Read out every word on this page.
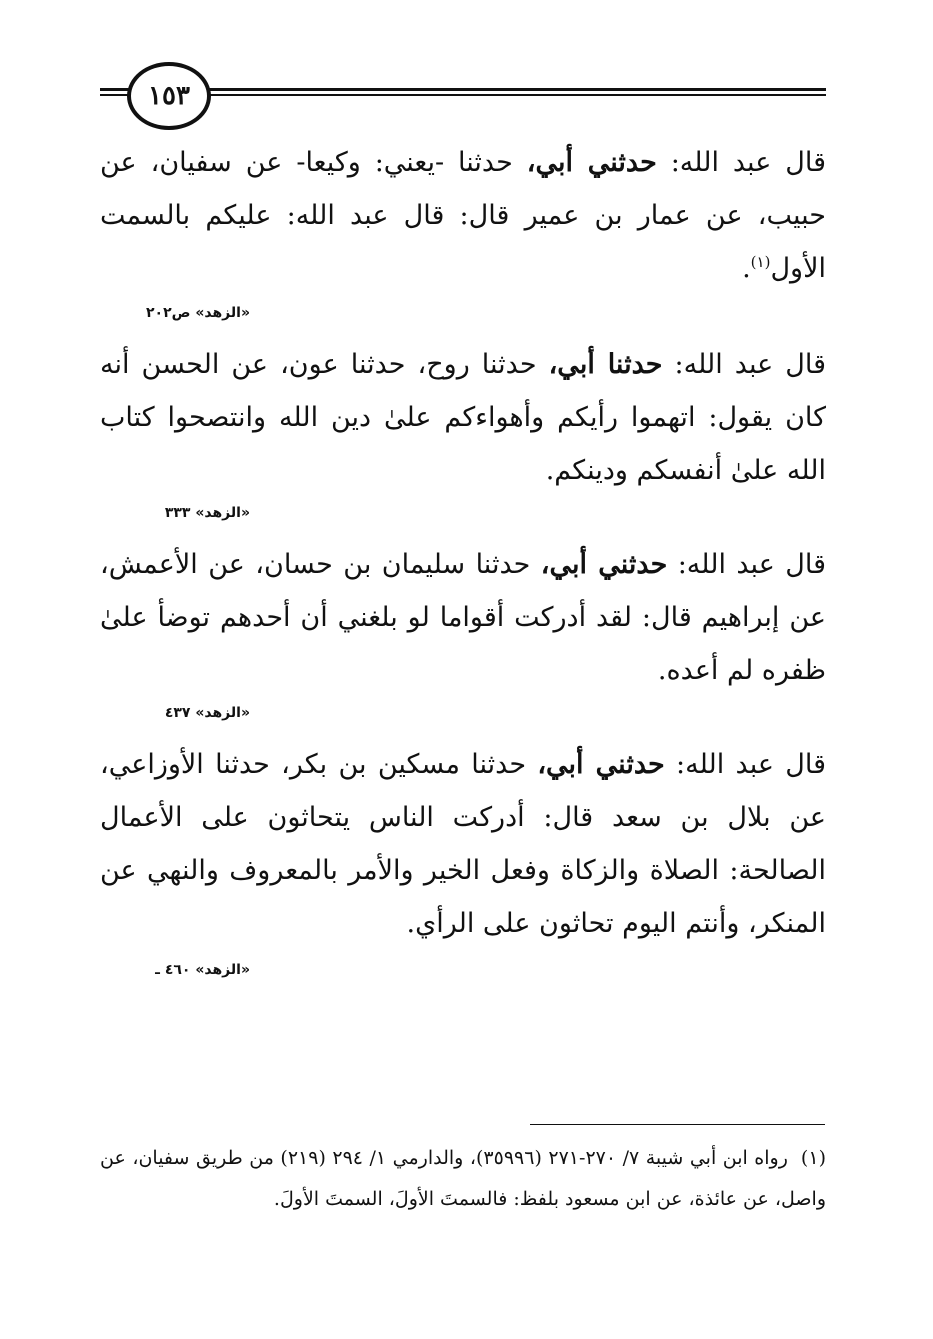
١٥٣
قال عبد الله: حدثني أبي، حدثنا -يعني: وكيعا- عن سفيان، عن حبيب، عن عمار بن عمير قال: قال عبد الله: عليكم بالسمت الأول$^{(١)}$.
«الزهد» ص٢٠٢
قال عبد الله: حدثنا أبي، حدثنا روح، حدثنا عون، عن الحسن أنه كان يقول: اتهموا رأيكم وأهواءكم علىٰ دين الله وانتصحوا كتاب الله علىٰ أنفسكم ودينكم.
«الزهد» ٣٣٣
قال عبد الله: حدثني أبي، حدثنا سليمان بن حسان، عن الأعمش، عن إبراهيم قال: لقد أدركت أقواما لو بلغني أن أحدهم توضأ علىٰ ظفره لم أعده.
«الزهد» ٤٣٧
قال عبد الله: حدثني أبي، حدثنا مسكين بن بكر، حدثنا الأوزاعي، عن بلال بن سعد قال: أدركت الناس يتحاثون على الأعمال الصالحة: الصلاة والزكاة وفعل الخير والأمر بالمعروف والنهي عن المنكر، وأنتم اليوم تحاثون على الرأي.
«الزهد» ٤٦٠ ـ
(١)  رواه ابن أبي شيبة ٧/ ٢٧٠-٢٧١ (٣٥٩٩٦)، والدارمي ١/ ٢٩٤ (٢١٩) من طريق سفيان، عن واصل، عن عائذة، عن ابن مسعود بلفظ: فالسمتَ الأولَ، السمتَ الأولَ.
